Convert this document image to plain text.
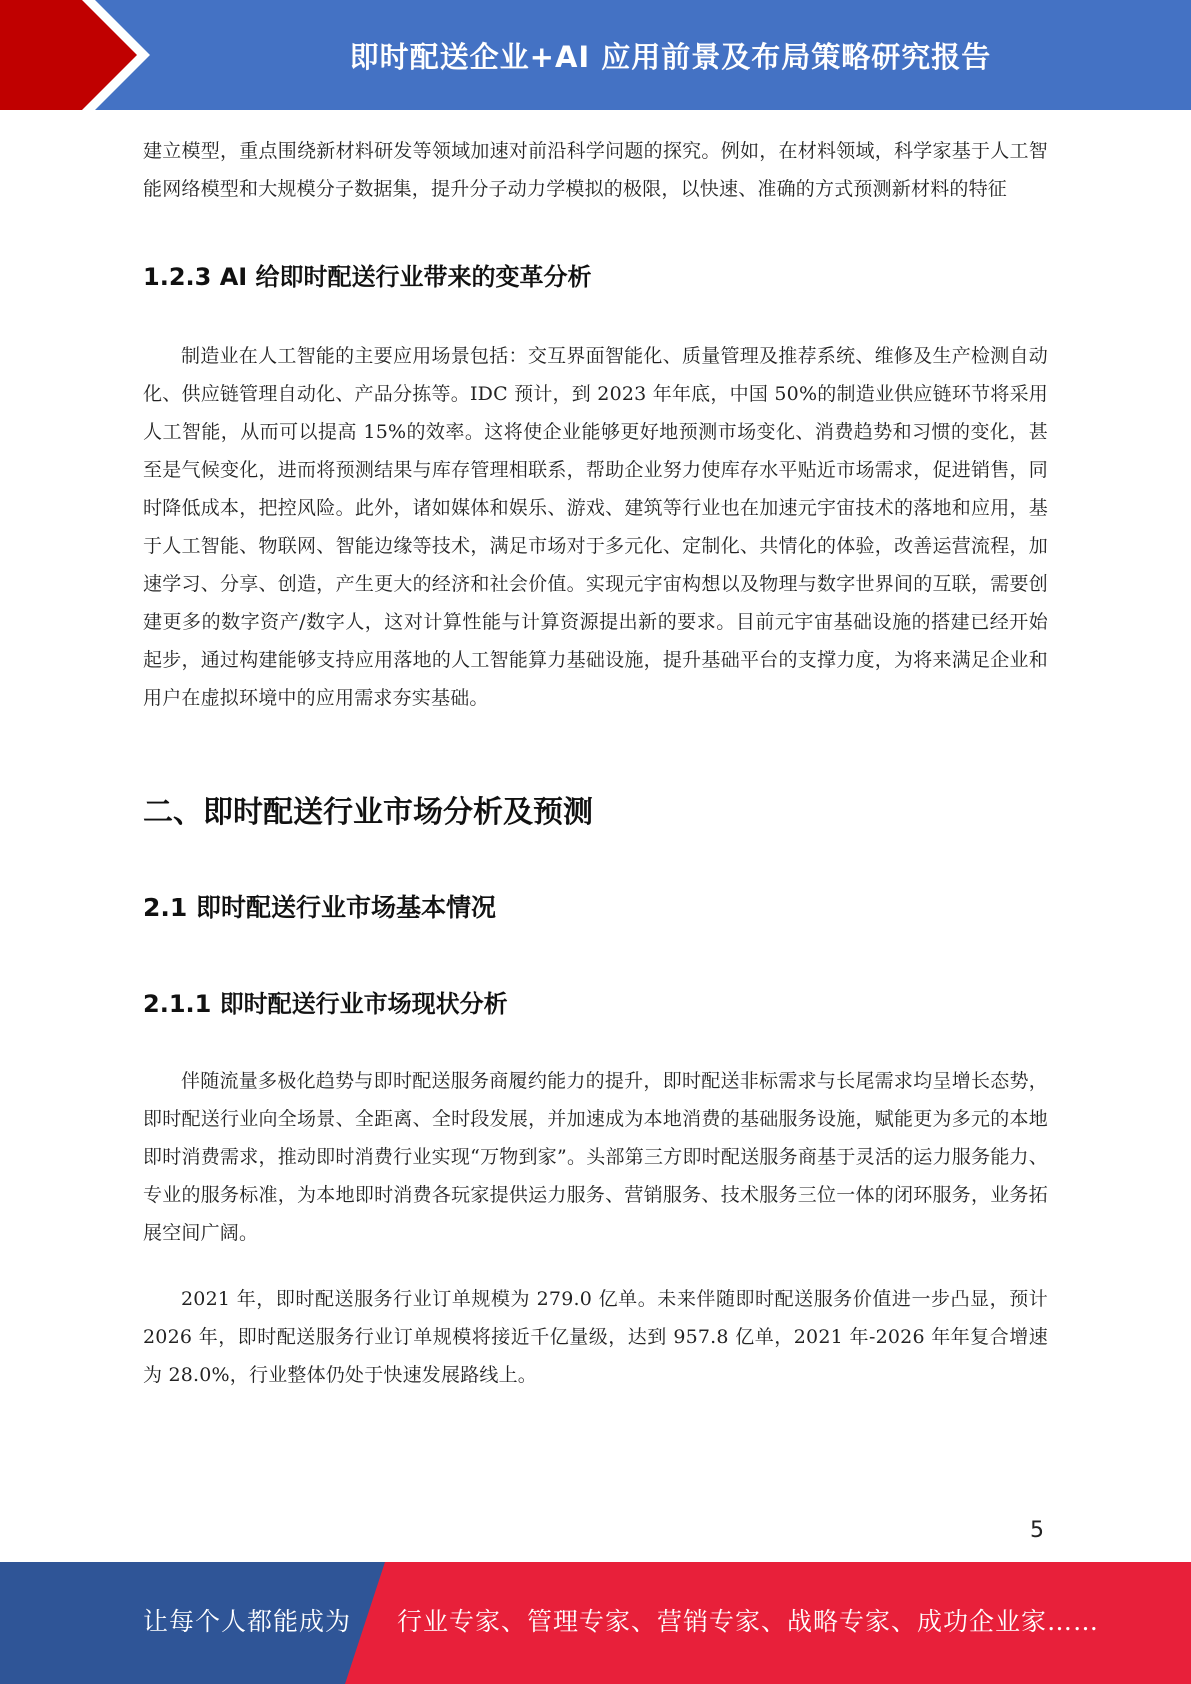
即时配送企业+AI 应用前景及布局策略研究报告

建立模型，重点围绕新材料研发等领域加速对前沿科学问题的探究。例如，在材料领域，科学家基于人工智能网络模型和大规模分子数据集，提升分子动力学模拟的极限，以快速、准确的方式预测新材料的特征

1.2.3 AI 给即时配送行业带来的变革分析

制造业在人工智能的主要应用场景包括：交互界面智能化、质量管理及推荐系统、维修及生产检测自动化、供应链管理自动化、产品分拣等。IDC 预计，到 2023 年年底，中国 50%的制造业供应链环节将采用人工智能，从而可以提高 15%的效率。这将使企业能够更好地预测市场变化、消费趋势和习惯的变化，甚至是气候变化，进而将预测结果与库存管理相联系，帮助企业努力使库存水平贴近市场需求，促进销售，同时降低成本，把控风险。此外，诸如媒体和娱乐、游戏、建筑等行业也在加速元宇宙技术的落地和应用，基于人工智能、物联网、智能边缘等技术，满足市场对于多元化、定制化、共情化的体验，改善运营流程，加速学习、分享、创造，产生更大的经济和社会价值。实现元宇宙构想以及物理与数字世界间的互联，需要创建更多的数字资产/数字人，这对计算性能与计算资源提出新的要求。目前元宇宙基础设施的搭建已经开始起步，通过构建能够支持应用落地的人工智能算力基础设施，提升基础平台的支撑力度，为将来满足企业和用户在虚拟环境中的应用需求夯实基础。

二、即时配送行业市场分析及预测
2.1 即时配送行业市场基本情况
2.1.1 即时配送行业市场现状分析

伴随流量多极化趋势与即时配送服务商履约能力的提升，即时配送非标需求与长尾需求均呈增长态势，即时配送行业向全场景、全距离、全时段发展，并加速成为本地消费的基础服务设施，赋能更为多元的本地即时消费需求，推动即时消费行业实现“万物到家”。头部第三方即时配送服务商基于灵活的运力服务能力、专业的服务标准，为本地即时消费各玩家提供运力服务、营销服务、技术服务三位一体的闭环服务，业务拓展空间广阔。

2021 年，即时配送服务行业订单规模为 279.0 亿单。未来伴随即时配送服务价值进一步凸显，预计 2026 年，即时配送服务行业订单规模将接近千亿量级，达到 957.8 亿单，2021 年-2026 年年复合增速为 28.0%，行业整体仍处于快速发展路线上。

5
让每个人都能成为 行业专家、管理专家、营销专家、战略专家、成功企业家……
